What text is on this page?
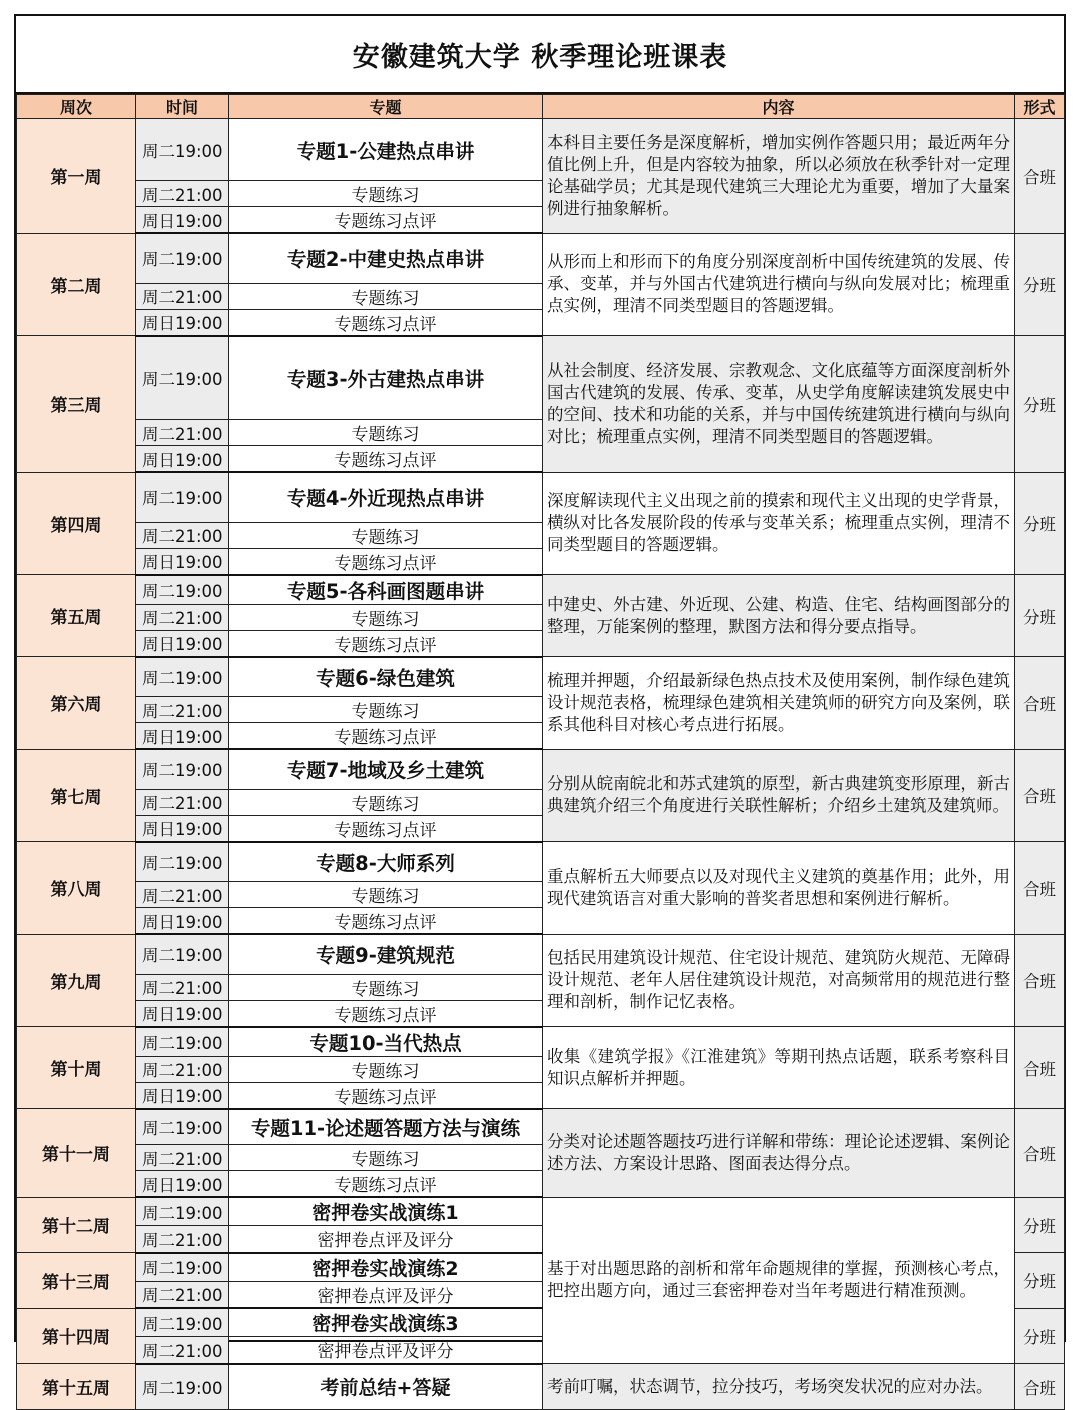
安徽建筑大学 秋季理论班课表
周次	时间	专题	内容	形式
第一周	周二19:00	专题1-公建热点串讲	本科目主要任务是深度解析，增加实例作答题只用；最近两年分值比例上升，但是内容较为抽象，所以必须放在秋季针对一定理论基础学员；尤其是现代建筑三大理论尤为重要，增加了大量案例进行抽象解析。	合班
	周二21:00	专题练习		
	周日19:00	专题练习点评		
第二周	周二19:00	专题2-中建史热点串讲	从形而上和形而下的角度分别深度剖析中国传统建筑的发展、传承、变革，并与外国古代建筑进行横向与纵向发展对比；梳理重点实例，理清不同类型题目的答题逻辑。	分班
	周二21:00	专题练习		
	周日19:00	专题练习点评		
第三周	周二19:00	专题3-外古建热点串讲	从社会制度、经济发展、宗教观念、文化底蕴等方面深度剖析外国古代建筑的发展、传承、变革，从史学角度解读建筑发展史中的空间、技术和功能的关系，并与中国传统建筑进行横向与纵向对比；梳理重点实例，理清不同类型题目的答题逻辑。	分班
	周二21:00	专题练习		
	周日19:00	专题练习点评		
第四周	周二19:00	专题4-外近现热点串讲	深度解读现代主义出现之前的摸索和现代主义出现的史学背景，横纵对比各发展阶段的传承与变革关系；梳理重点实例，理清不同类型题目的答题逻辑。	分班
	周二21:00	专题练习		
	周日19:00	专题练习点评		
第五周	周二19:00	专题5-各科画图题串讲	中建史、外古建、外近现、公建、构造、住宅、结构画图部分的整理，万能案例的整理，默图方法和得分要点指导。	分班
	周二21:00	专题练习		
	周日19:00	专题练习点评		
第六周	周二19:00	专题6-绿色建筑	梳理并押题，介绍最新绿色热点技术及使用案例，制作绿色建筑设计规范表格，梳理绿色建筑相关建筑师的研究方向及案例，联系其他科目对核心考点进行拓展。	合班
	周二21:00	专题练习		
	周日19:00	专题练习点评		
第七周	周二19:00	专题7-地域及乡土建筑	分别从皖南皖北和苏式建筑的原型，新古典建筑变形原理，新古典建筑介绍三个角度进行关联性解析；介绍乡土建筑及建筑师。	合班
	周二21:00	专题练习		
	周日19:00	专题练习点评		
第八周	周二19:00	专题8-大师系列	重点解析五大师要点以及对现代主义建筑的奠基作用；此外，用现代建筑语言对重大影响的普奖者思想和案例进行解析。	合班
	周二21:00	专题练习		
	周日19:00	专题练习点评		
第九周	周二19:00	专题9-建筑规范	包括民用建筑设计规范、住宅设计规范、建筑防火规范、无障碍设计规范、老年人居住建筑设计规范，对高频常用的规范进行整理和剖析，制作记忆表格。	合班
	周二21:00	专题练习		
	周日19:00	专题练习点评		
第十周	周二19:00	专题10-当代热点	收集《建筑学报》《江淮建筑》等期刊热点话题，联系考察科目知识点解析并押题。	合班
	周二21:00	专题练习		
	周日19:00	专题练习点评		
第十一周	周二19:00	专题11-论述题答题方法与演练	分类对论述题答题技巧进行详解和带练：理论论述逻辑、案例论述方法、方案设计思路、图面表达得分点。	合班
	周二21:00	专题练习		
	周日19:00	专题练习点评		
第十二周	周二19:00	密押卷实战演练1	基于对出题思路的剖析和常年命题规律的掌握，预测核心考点，把控出题方向，通过三套密押卷对当年考题进行精准预测。	分班
	周二21:00	密押卷点评及评分		
第十三周	周二19:00	密押卷实战演练2		分班
	周二21:00	密押卷点评及评分		
第十四周	周二19:00	密押卷实战演练3		分班
	周二21:00	密押卷点评及评分		
第十五周	周二19:00	考前总结+答疑	考前叮嘱，状态调节，拉分技巧，考场突发状况的应对办法。	合班
